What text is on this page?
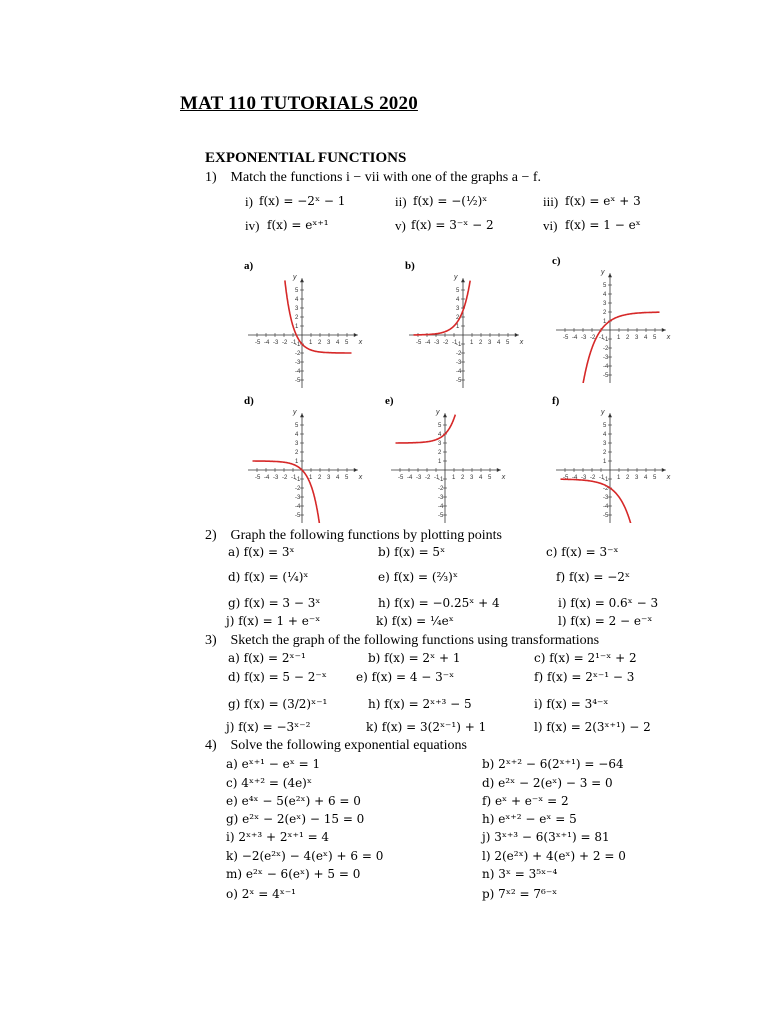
MAT 110 TUTORIALS 2020
EXPONENTIAL FUNCTIONS
1) Match the functions i − vii with one of the graphs a − f.
i) f(x) = −2ˣ − 1	ii) f(x) = −(½)ˣ	iii) f(x) = eˣ + 3
iv) f(x) = eˣ⁺¹	v) f(x) = 3⁻ˣ − 2	vi) f(x) = 1 − eˣ
a)
-5
-5
-4
-4
-3
-3
-2
-2
-1
-1 1
1
2
2
3
3
4
4
5
5
x
y
b)
-5
-5
-4
-4
-3
-3
-2
-2
-1
-1 1
1
2
2
3
3
4
4
5
5
x
y
c)
-5
-5
-4
-4
-3
-3
-2
-2
-1
-1 1
1
2
2
3
3
4
4
5
5
x
y
d)
-5
-5
-4
-4
-3
-3
-2
-2
-1
-1 1
1
2
2
3
3
4
4
5
5
x
y
e)
-5
-5
-4
-4
-3
-3
-2
-2
-1
-1 1
1
2
2
3
3
4
4
5
5
x
y
f)
-5
-5
-4
-4
-3
-3
-2
-2
-1
-1 1
1
2
2
3
3
4
4
5
5
x
y
2) Graph the following functions by plotting points
a) f(x) = 3ˣ	b) f(x) = 5ˣ	c) f(x) = 3⁻ˣ
d) f(x) = (¼)ˣ	e) f(x) = (⅔)ˣ	f) f(x) = −2ˣ
g) f(x) = 3 − 3ˣ	h) f(x) = −0.25ˣ + 4	i) f(x) = 0.6ˣ − 3
j) f(x) = 1 + e⁻ˣ	k) f(x) = ¼eˣ	l) f(x) = 2 − e⁻ˣ
3) Sketch the graph of the following functions using transformations
a) f(x) = 2ˣ⁻¹	b) f(x) = 2ˣ + 1	c) f(x) = 2¹⁻ˣ + 2
d) f(x) = 5 − 2⁻ˣ e) f(x) = 4 − 3⁻ˣ	f) f(x) = 2ˣ⁻¹ − 3
g) f(x) = (3/2)ˣ⁻¹	h) f(x) = 2ˣ⁺³ − 5	i) f(x) = 3⁴⁻ˣ
j) f(x) = −3ˣ⁻²	k) f(x) = 3(2ˣ⁻¹) + 1	l) f(x) = 2(3ˣ⁺¹) − 2
4) Solve the following exponential equations
a) eˣ⁺¹ − eˣ = 1	b) 2ˣ⁺² − 6(2ˣ⁺¹) = −64
c) 4ˣ⁺² = (4e)ˣ	d) e²ˣ − 2(eˣ) − 3 = 0
e) e⁴ˣ − 5(e²ˣ) + 6 = 0	f) eˣ + e⁻ˣ = 2
g) e²ˣ − 2(eˣ) − 15 = 0	h) eˣ⁺² − eˣ = 5
i) 2ˣ⁺³ + 2ˣ⁺¹ = 4	j) 3ˣ⁺³ − 6(3ˣ⁺¹) = 81
k) −2(e²ˣ) − 4(eˣ) + 6 = 0	l) 2(e²ˣ) + 4(eˣ) + 2 = 0
m) e²ˣ − 6(eˣ) + 5 = 0	n) 3ˣ = 3⁵ˣ⁻⁴
o) 2ˣ = 4ˣ⁻¹	p) 7ˣ² = 7⁶⁻ˣ
